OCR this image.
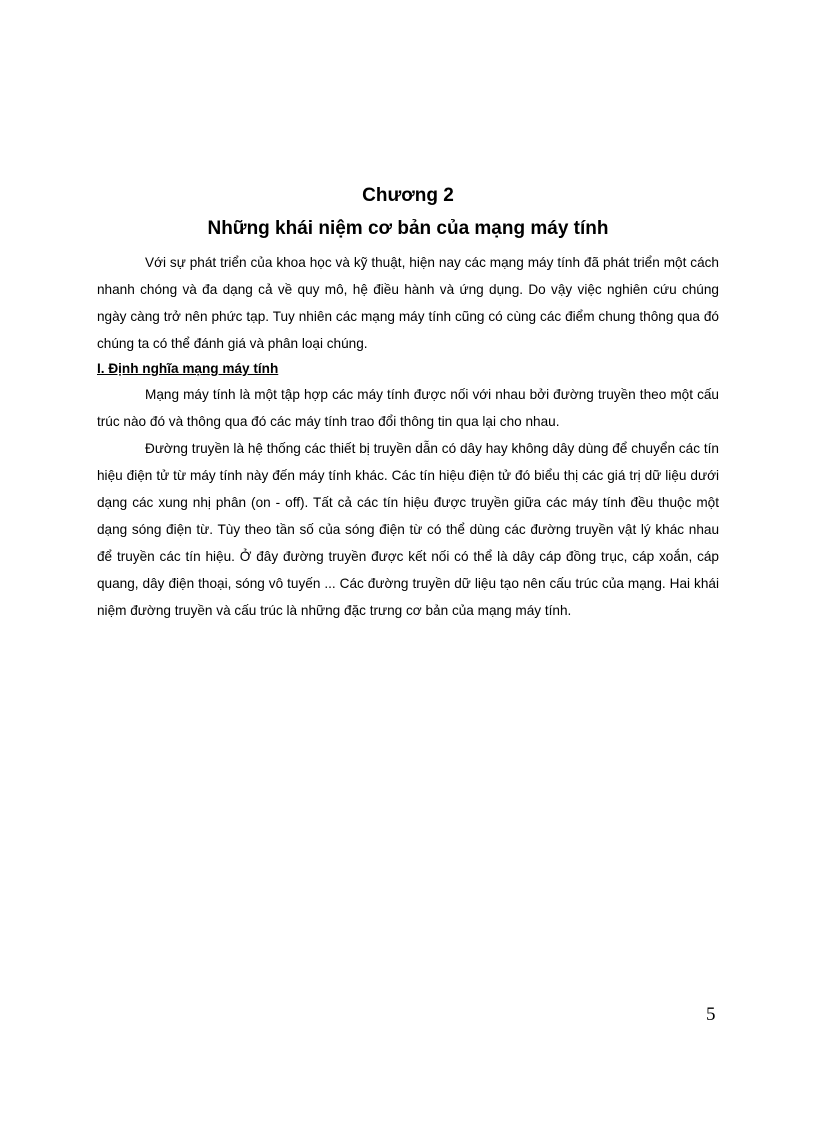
Chương 2
Những khái niệm cơ bản của mạng máy tính

Với sự phát triển của khoa học và kỹ thuật, hiện nay các mạng máy tính đã phát triển một cách nhanh chóng và đa dạng cả về quy mô, hệ điều hành và ứng dụng. Do vậy việc nghiên cứu chúng ngày càng trở nên phức tạp. Tuy nhiên các mạng máy tính cũng có cùng các điểm chung thông qua đó chúng ta có thể đánh giá và phân loại chúng.

I. Định nghĩa mạng máy tính

Mạng máy tính là một tập hợp các máy tính được nối với nhau bởi đường truyền theo một cấu trúc nào đó và thông qua đó các máy tính trao đổi thông tin qua lại cho nhau.

Đường truyền là hệ thống các thiết bị truyền dẫn có dây hay không dây dùng để chuyển các tín hiệu điện tử từ máy tính này đến máy tính khác. Các tín hiệu điện tử đó biểu thị các giá trị dữ liệu dưới dạng các xung nhị phân (on - off). Tất cả các tín hiệu được truyền giữa các máy tính đều thuộc một dạng sóng điện từ. Tùy theo tần số của sóng điện từ có thể dùng các đường truyền vật lý khác nhau để truyền các tín hiệu. Ở đây đường truyền được kết nối có thể là dây cáp đồng trục, cáp xoắn, cáp quang, dây điện thoại, sóng vô tuyến ... Các đường truyền dữ liệu tạo nên cấu trúc của mạng. Hai khái niệm đường truyền và cấu trúc là những đặc trưng cơ bản của mạng máy tính.

5
